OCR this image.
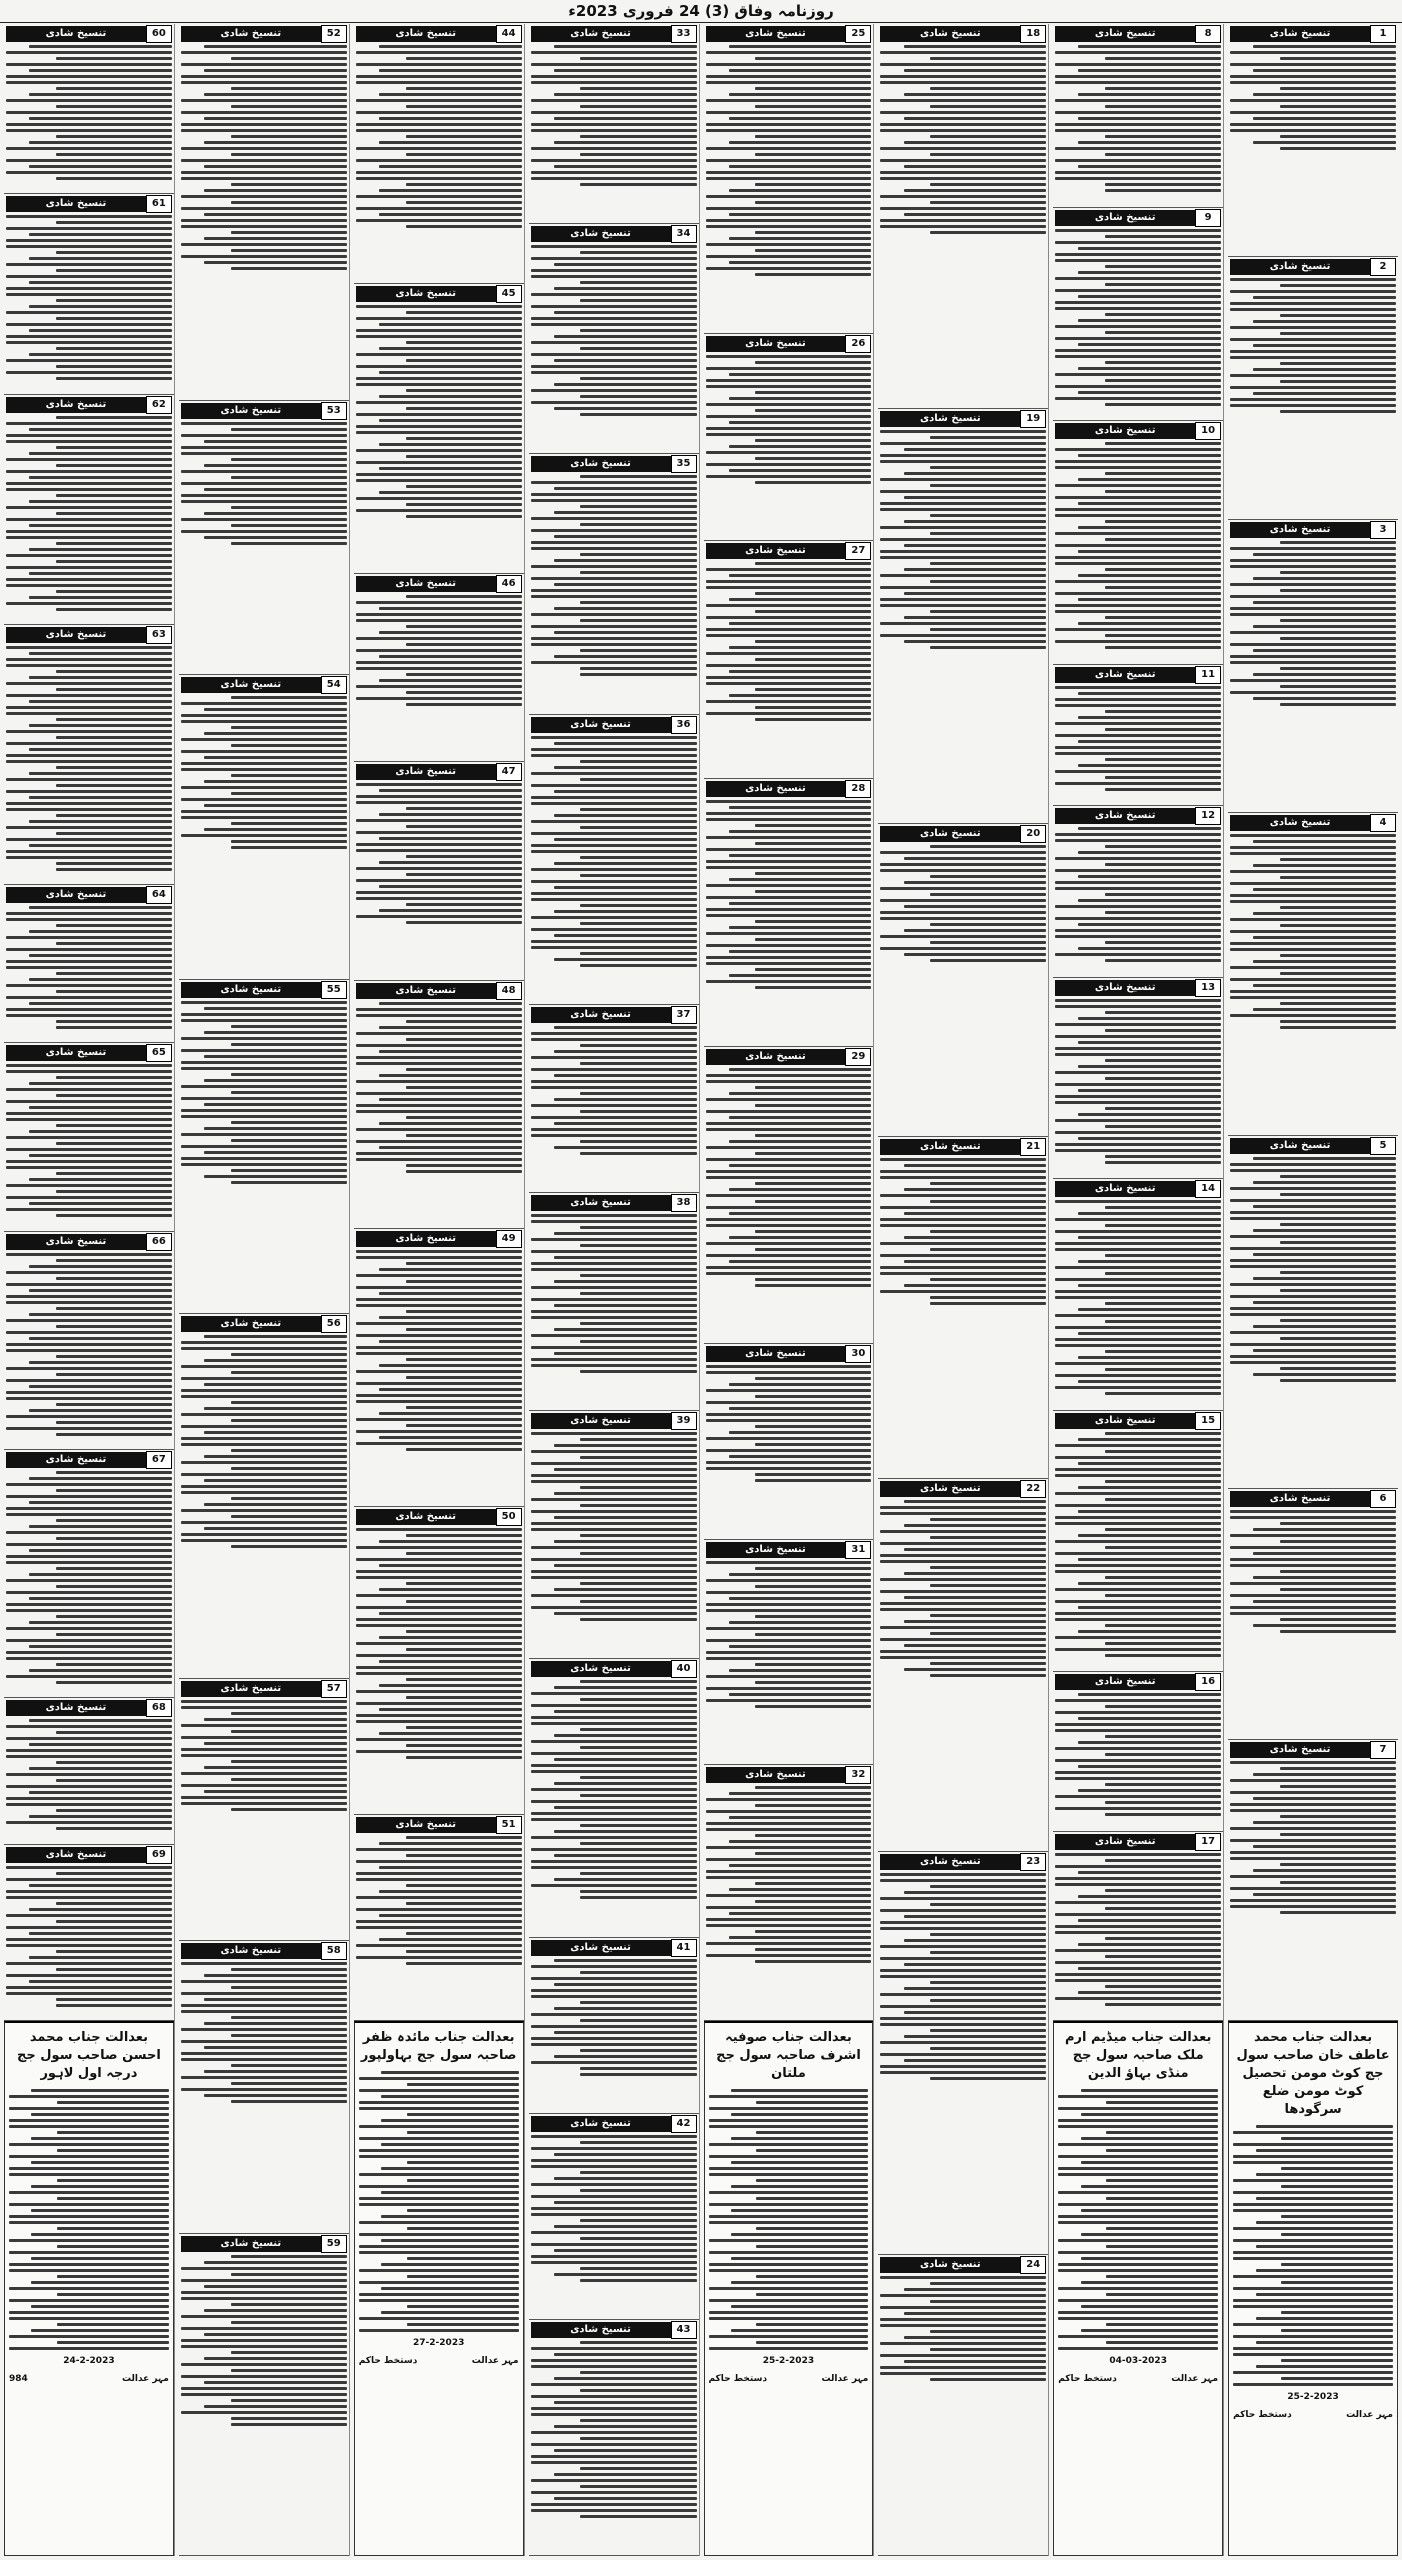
روزنامہ وفاق (3) 24 فروری 2023ء
1
تنسیخ شادی
2
تنسیخ شادی
3
تنسیخ شادی
4
تنسیخ شادی
5
تنسیخ شادی
6
تنسیخ شادی
7
تنسیخ شادی
بعدالت جناب محمد عاطف خان صاحب سول جج کوٹ مومن تحصیل کوٹ مومن ضلع سرگودھا
25-2-2023
مہر عدالت
دستخط حاکم
8
تنسیخ شادی
9
تنسیخ شادی
10
تنسیخ شادی
11
تنسیخ شادی
12
تنسیخ شادی
13
تنسیخ شادی
14
تنسیخ شادی
15
تنسیخ شادی
16
تنسیخ شادی
17
تنسیخ شادی
بعدالت جناب میڈیم ارم ملک صاحبہ سول جج منڈی بہاؤ الدین
04-03-2023
مہر عدالت
دستخط حاکم
18
تنسیخ شادی
19
تنسیخ شادی
20
تنسیخ شادی
21
تنسیخ شادی
22
تنسیخ شادی
23
تنسیخ شادی
24
تنسیخ شادی
25
تنسیخ شادی
26
تنسیخ شادی
27
تنسیخ شادی
28
تنسیخ شادی
29
تنسیخ شادی
30
تنسیخ شادی
31
تنسیخ شادی
32
تنسیخ شادی
بعدالت جناب صوفیہ اشرف صاحبہ سول جج ملتان
25-2-2023
مہر عدالت
دستخط حاکم
33
تنسیخ شادی
34
تنسیخ شادی
35
تنسیخ شادی
36
تنسیخ شادی
37
تنسیخ شادی
38
تنسیخ شادی
39
تنسیخ شادی
40
تنسیخ شادی
41
تنسیخ شادی
42
تنسیخ شادی
43
تنسیخ شادی
44
تنسیخ شادی
45
تنسیخ شادی
46
تنسیخ شادی
47
تنسیخ شادی
48
تنسیخ شادی
49
تنسیخ شادی
50
تنسیخ شادی
51
تنسیخ شادی
بعدالت جناب مائدہ ظفر صاحبہ سول جج بہاولپور
27-2-2023
مہر عدالت
دستخط حاکم
52
تنسیخ شادی
53
تنسیخ شادی
54
تنسیخ شادی
55
تنسیخ شادی
56
تنسیخ شادی
57
تنسیخ شادی
58
تنسیخ شادی
59
تنسیخ شادی
60
تنسیخ شادی
61
تنسیخ شادی
62
تنسیخ شادی
63
تنسیخ شادی
64
تنسیخ شادی
65
تنسیخ شادی
66
تنسیخ شادی
67
تنسیخ شادی
68
تنسیخ شادی
69
تنسیخ شادی
بعدالت جناب محمد احسن صاحب سول جج درجہ اول لاہور
24-2-2023
مہر عدالت
984
